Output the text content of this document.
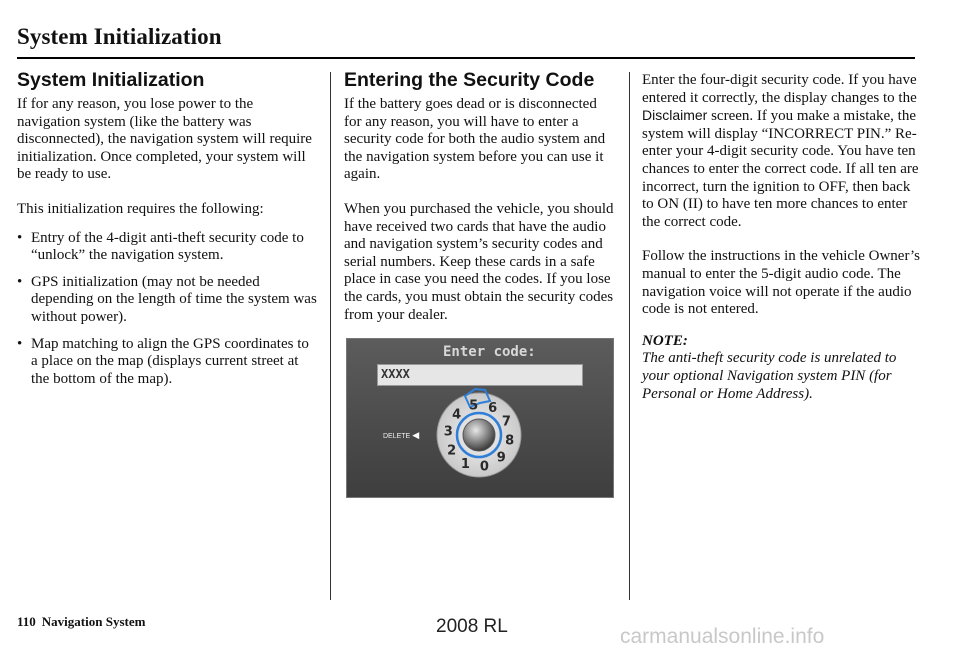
System Initialization
System Initialization

If for any reason, you lose power to the navigation system (like the battery was disconnected), the navigation system will require initialization. Once completed, your system will be ready to use.

This initialization requires the following:

• Entry of the 4-digit anti-theft security code to “unlock” the navigation system.
• GPS initialization (may not be needed depending on the length of time the system was without power).
• Map matching to align the GPS coordinates to a place on the map (displays current street at the bottom of the map).
Entering the Security Code

If the battery goes dead or is disconnected for any reason, you will have to enter a security code for both the audio system and the navigation system before you can use it again.

When you purchased the vehicle, you should have received two cards that have the audio and navigation system’s security codes and serial numbers. Keep these cards in a safe place in case you need the codes. If you lose the cards, you must obtain the security codes from your dealer.

Enter code:
XXXX
DELETE ◀
5 6
7
8
9
0
1
2
3
4

Enter the four-digit security code. If you have entered it correctly, the display changes to the Disclaimer screen. If you make a mistake, the system will display “INCORRECT PIN.” Re-enter your 4-digit security code. You have ten chances to enter the correct code. If all ten are incorrect, turn the ignition to OFF, then back to ON (II) to have ten more chances to enter the correct code.

Follow the instructions in the vehicle Owner’s manual to enter the 5-digit audio code. The navigation voice will not operate if the audio code is not entered.

NOTE:

The anti-theft security code is unrelated to your optional Navigation system PIN (for Personal or Home Address).

110 Navigation System	2008 RL	carmanualsonline.info
